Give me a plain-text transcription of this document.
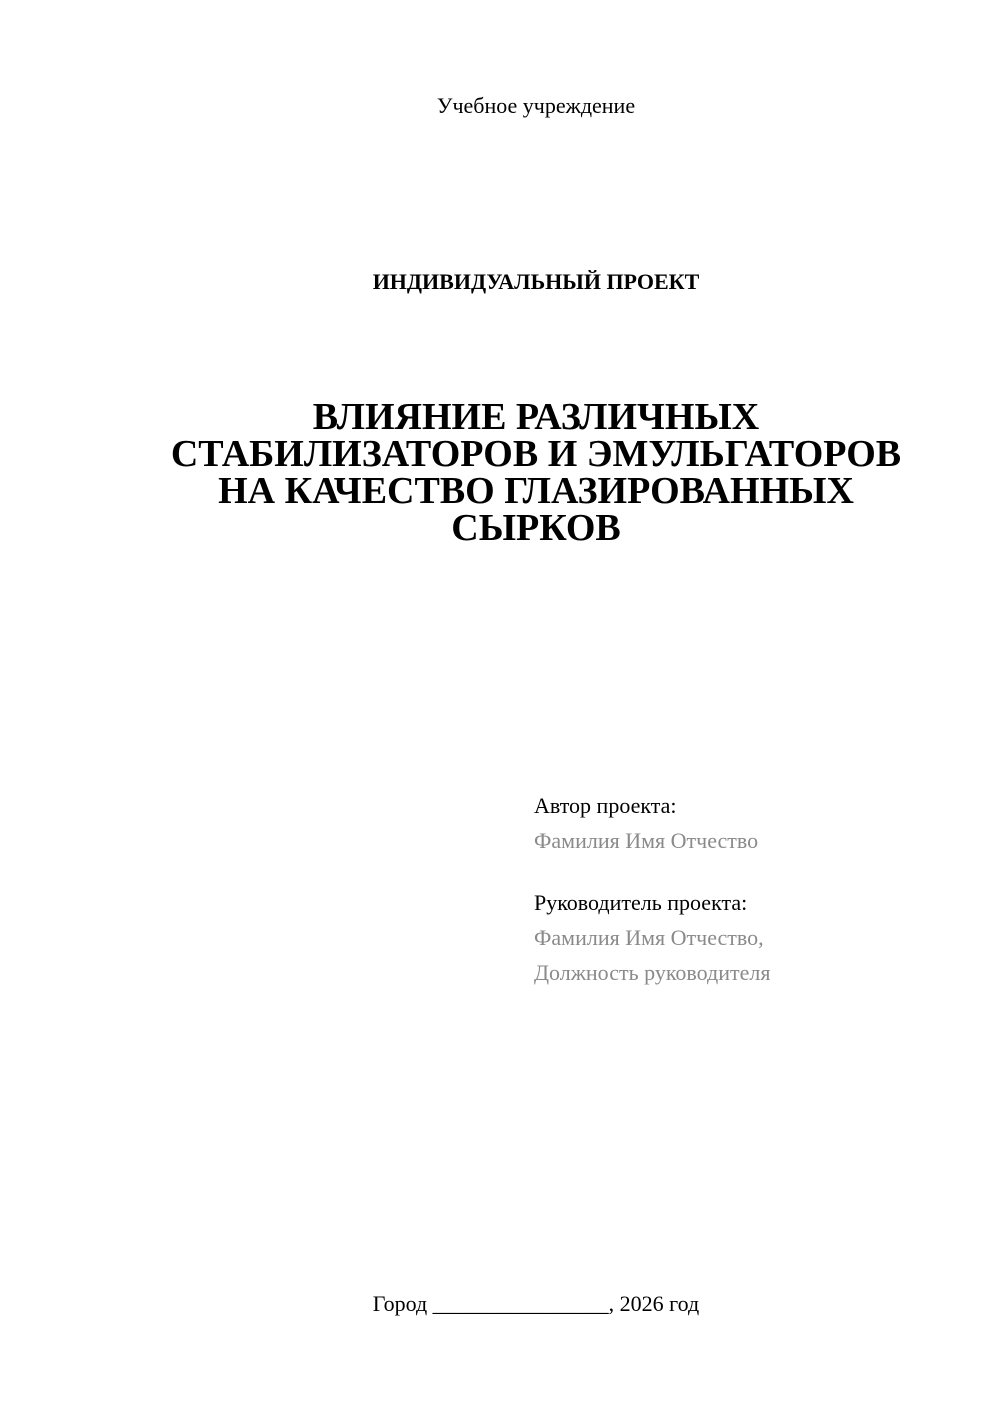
Учебное учреждение
ИНДИВИДУАЛЬНЫЙ ПРОЕКТ
ВЛИЯНИЕ РАЗЛИЧНЫХ
СТАБИЛИЗАТОРОВ И ЭМУЛЬГАТОРОВ
НА КАЧЕСТВО ГЛАЗИРОВАННЫХ
СЫРКОВ
Автор проекта:
Фамилия Имя Отчество
Руководитель проекта:
Фамилия Имя Отчество,
Должность руководителя
Город ________________, 2026 год
